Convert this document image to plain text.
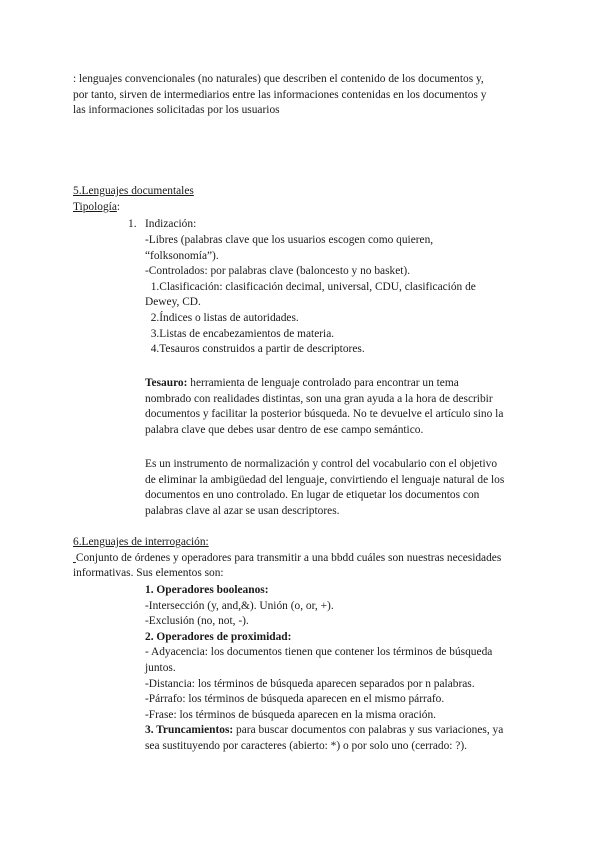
: lenguajes convencionales (no naturales) que describen el contenido de los documentos y,
por tanto, sirven de intermediarios entre las informaciones contenidas en los documentos y
las informaciones solicitadas por los usuarios
5.Lenguajes documentales
Tipología:
1. Indización:
-Libres (palabras clave que los usuarios escogen como quieren,
“folksonomía”).
-Controlados: por palabras clave (baloncesto y no basket).
1.Clasificación: clasificación decimal, universal, CDU, clasificación de
Dewey, CD.
2.Índices o listas de autoridades.
3.Listas de encabezamientos de materia.
4.Tesauros construidos a partir de descriptores.
Tesauro: herramienta de lenguaje controlado para encontrar un tema
nombrado con realidades distintas, son una gran ayuda a la hora de describir
documentos y facilitar la posterior búsqueda. No te devuelve el artículo sino la
palabra clave que debes usar dentro de ese campo semántico.
Es un instrumento de normalización y control del vocabulario con el objetivo
de eliminar la ambigüedad del lenguaje, convirtiendo el lenguaje natural de los
documentos en uno controlado. En lugar de etiquetar los documentos con
palabras clave al azar se usan descriptores.
6.Lenguajes de interrogación:
Conjunto de órdenes y operadores para transmitir a una bbdd cuáles son nuestras necesidades
informativas. Sus elementos son:
1. Operadores booleanos:
-Intersección (y, and,&). Unión (o, or, +).
-Exclusión (no, not, -).
2. Operadores de proximidad:
- Adyacencia: los documentos tienen que contener los términos de búsqueda
juntos.
-Distancia: los términos de búsqueda aparecen separados por n palabras.
-Párrafo: los términos de búsqueda aparecen en el mismo párrafo.
-Frase: los términos de búsqueda aparecen en la misma oración.
3. Truncamientos: para buscar documentos con palabras y sus variaciones, ya
sea sustituyendo por caracteres (abierto: *) o por solo uno (cerrado: ?).
